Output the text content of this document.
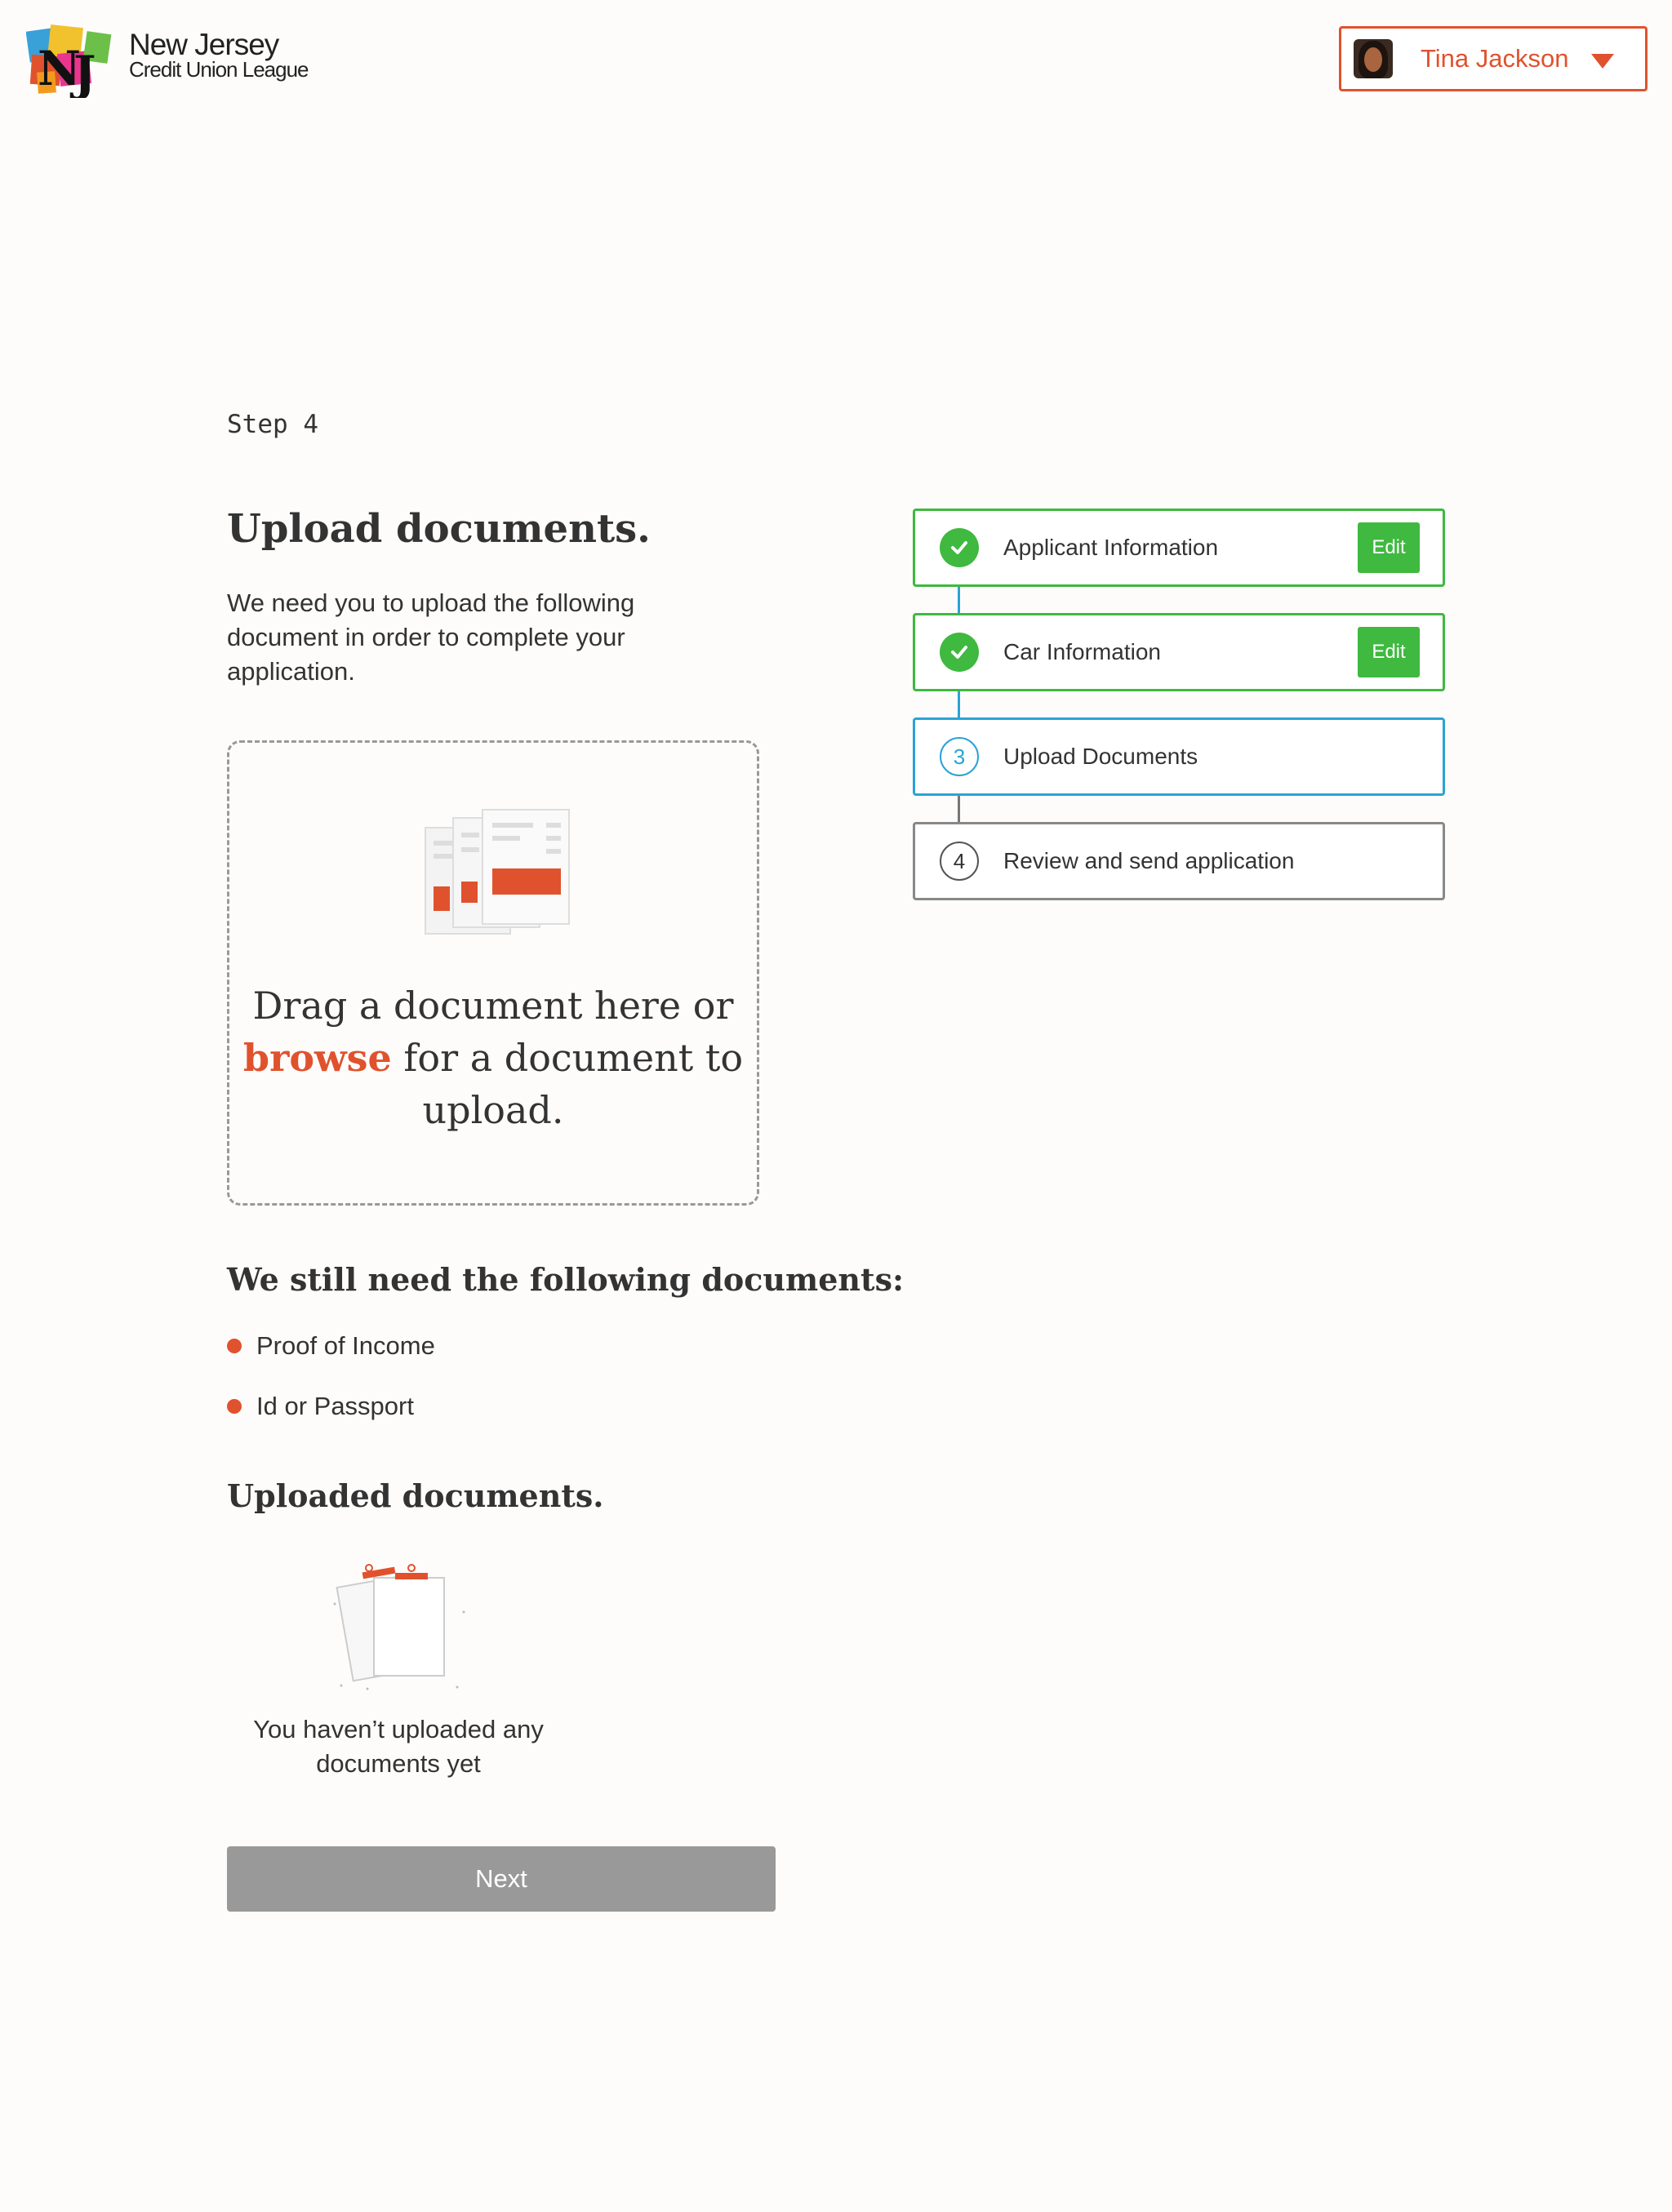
N
J
New Jersey
Credit Union League	Tina Jackson
Step 4
Upload documents.

We need you to upload the following document in order to complete your application.

Drag a document here or browse for a document to upload.
We still need the following documents:
Proof of Income
Id or Passport
Uploaded documents.

You haven’t uploaded any documents yet

Next
Applicant Information	Edit
Car Information	Edit
3	Upload Documents
4	Review and send application
